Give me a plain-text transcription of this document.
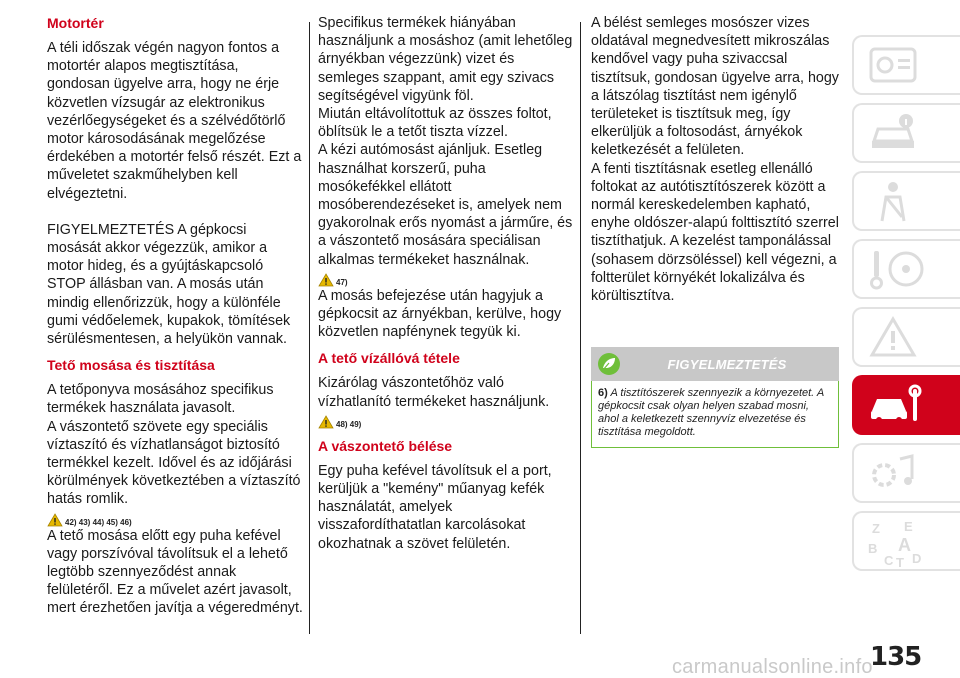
Motortér

A téli időszak végén nagyon fontos a motortér alapos megtisztítása, gondosan ügyelve arra, hogy ne érje közvetlen vízsugár az elektronikus vezérlőegységeket és a szélvédőtörlő motor károsodásának megelőzése érdekében a motortér felső részét. Ezt a műveletet szakműhelyben kell elvégeztetni.

FIGYELMEZTETÉS A gépkocsi mosását akkor végezzük, amikor a motor hideg, és a gyújtáskapcsoló STOP állásban van. A mosás után mindig ellenőrizzük, hogy a különféle gumi védőelemek, kupakok, tömítések sérülésmentesen, a helyükön vannak.

Tető mosása és tisztítása

A tetőponyva mosásához specifikus termékek használata javasolt.

A vászontető szövete egy speciális víztaszító és vízhatlanságot biztosító termékkel kezelt. Idővel és az időjárási körülmények következtében a víztaszító hatás romlik.

42) 43) 44) 45) 46)

A tető mosása előtt egy puha kefével vagy porszívóval távolítsuk el a lehető legtöbb szennyeződést annak felületéről. Ez a művelet azért javasolt, mert érezhetően javítja a végeredményt.

Specifikus termékek hiányában használjunk a mosáshoz (amit lehetőleg árnyékban végezzünk) vizet és semleges szappant, amit egy szivacs segítségével vigyünk föl.

Miután eltávolítottuk az összes foltot, öblítsük le a tetőt tiszta vízzel.

A kézi autómosást ajánljuk. Esetleg használhat korszerű, puha mosókefékkel ellátott mosóberendezéseket is, amelyek nem gyakorolnak erős nyomást a járműre, és a vászontető mosására speciálisan alkalmas termékeket használnak.

47)

A mosás befejezése után hagyjuk a gépkocsit az árnyékban, kerülve, hogy közvetlen napfénynek tegyük ki.

A tető vízállóvá tétele

Kizárólag vászontetőhöz való vízhatlanító termékeket használjunk.

48) 49)
A vászontető bélése

Egy puha kefével távolítsuk el a port, kerüljük a "kemény" műanyag kefék használatát, amelyek visszafordíthatatlan karcolásokat okozhatnak a szövet felületén.

A bélést semleges mosószer vizes oldatával megnedvesített mikroszálas kendővel vagy puha szivaccsal tisztítsuk, gondosan ügyelve arra, hogy a látszólag tisztítást nem igénylő területeket is tisztítsuk meg, így elkerüljük a foltosodást, árnyékok keletkezését a felületen.

A fenti tisztításnak esetleg ellenálló foltokat az autótisztítószerek között a normál kereskedelemben kapható, enyhe oldószer-alapú folttisztító szerrel tisztíthatjuk. A kezelést tamponálással (sohasem dörzsöléssel) kell végezni, a foltterület környékét lokalizálva és körültisztítva.

FIGYELMEZTETÉS
6) A tisztítószerek szennyezik a környezetet. A gépkocsit csak olyan helyen szabad mosni, ahol a keletkezett szennyvíz elvezetése és tisztítása megoldott.
Z E
B A
C T D
135
carmanualsonline.info
